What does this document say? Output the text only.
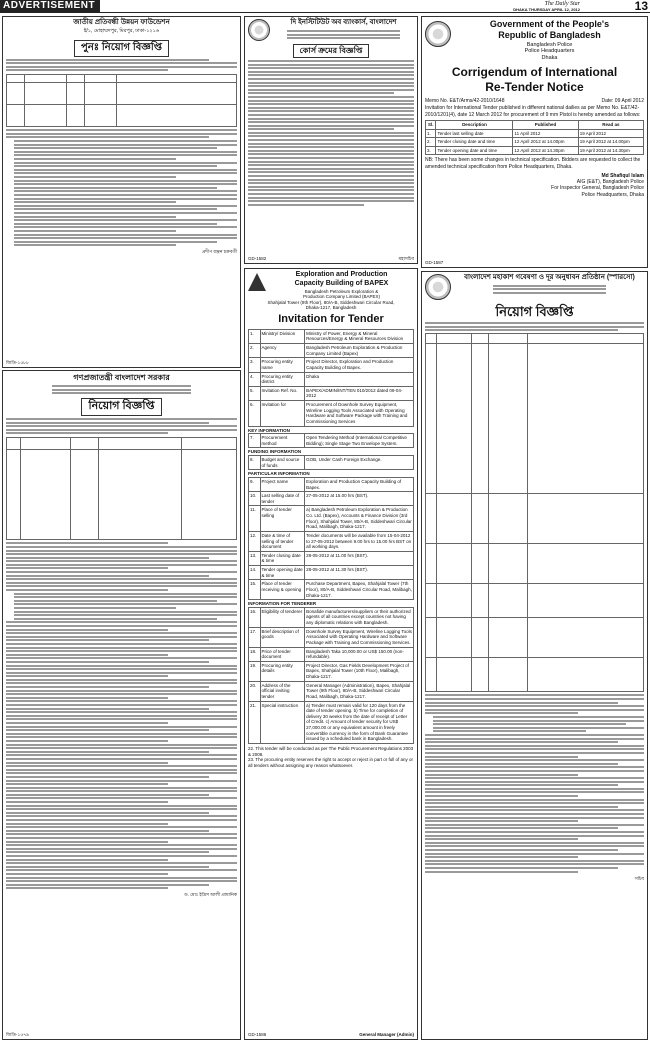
ADVERTISEMENT	The Daily Star
DHAKA THURSDAY APRIL 12, 2012	13
জাতীয় প্রতিবন্ধী উন্নয়ন ফাউন্ডেশন
ই/১, মোহাম্মদপুর, মিরপুর, ঢাকা-১২১৬
পুনঃ নিয়োগ বিজ্ঞপ্তি

প্রদীপ রঞ্জন চক্রবর্তী
জিডি-১৫৮৮
গণপ্রজাতন্ত্রী বাংলাদেশ সরকার
নিয়োগ বিজ্ঞপ্তি

ড. মোঃ ইদ্রিস আলী প্রামানিক
জিডি-১৫৭৯
দি ইনস্টিটিউট অব ব্যাংকার্স, বাংলাদেশ
কোর্স ক্রমের বিজ্ঞপ্তি
GD-1582	মহাসচিব
Exploration and Production
Capacity Building of BAPEX
Bangladesh Petroleum Exploration &
Production Company Limited (BAPEX)
Shahjalal Tower (9th Floor), 80/A-B, Siddeshwari Circular Road,
Dhaka-1217, Bangladesh
Invitation for Tender
1.	Ministry/ Division	Ministry of Power, Energy & Mineral Resources/Energy & Mineral Resources Division
2.	Agency	Bangladesh Petroleum Exploration & Production Company Limited (Bapex)
3.	Procuring entity name	Project Director, Exploration and Production Capacity Building of Bapex.
4.	Procuring entity district	Dhaka
5.	Invitation Ref. No.	BAPEX/ADMIN/INT/TEN 010/2012 dated 09-04-2012
6.	Invitation for	Procurement of Downhole Survey Equipment, Wireline Logging Tools Associated with Operating Hardware and Software Package with Training and Commissioning Services
KEY INFORMATION
7.	Procurement method	Open Tendering Method (International Competitive Bidding); Single Stage Two Envelope System.
FUNDING INFORMATION
8.	Budget and source of funds	GOB, Under Cash Foreign Exchange.
PARTICULAR INFORMATION
9.	Project name	Exploration and Production Capacity Building of Bapex.
10.	Last selling date of tender	27-05-2012 at 15.00 hrs (BST).
11.	Place of tender selling	a) Bangladesh Petroleum Exploration & Production Co. Ltd. (Bapex), Accounts & Finance Division (3rd Floor), Shahjalal Tower, 80/A-B, Siddeshwari Circular Road, Malibagh, Dhaka-1217.
12.	Date & time of selling of tender document	Tender documents will be available from 15-04-2012 to 27-05-2012 between 9.00 hrs to 15.00 hrs BST on all working days.
13.	Tender closing date & time	28-05-2012 at 11.00 hrs (BST).
14.	Tender opening date & time	28-05-2012 at 11.30 hrs (BST).
15.	Place of tender receiving & opening	Purchase Department, Bapex, Shahjalal Tower (7th Floor), 80/A-B, Siddeshwari Circular Road, Malibagh, Dhaka-1217.
INFORMATION FOR TENDERER
16.	Eligibility of tenderer	Bonafide manufacturers/suppliers or their authorized agents of all countries except countries not having any diplomatic relations with Bangladesh.
17.	Brief description of goods	Downhole Survey Equipment, Wireline Logging Tools Associated with Operating Hardware and Software Package with Training and Commissioning Services.
18.	Price of tender document	Bangladesh Taka 10,000.00 or US$ 150.00 (non-refundable).
19.	Procuring entity details	Project Director, Gas Fields Development Project of Bapex, Shahjalal Tower (10th Floor), Malibagh, Dhaka-1217.
20.	Address of the official inviting tender	General Manager (Administration), Bapex, Shahjalal Tower (9th Floor), 80/A-B, Siddeshwari Circular Road, Malibagh, Dhaka-1217.
21.	Special instruction	a) Tender must remain valid for 120 days from the date of tender opening. b) Time for completion of delivery 30 weeks from the date of receipt of Letter of Credit. c) Amount of tender security for US$ 27,000.00 or any equivalent amount in freely convertible currency in the form of Bank Guarantee issued by a scheduled bank in Bangladesh.
22. This tender will be conducted as per The Public Procurement Regulations 2003 & 2008.
23. The procuring entity reserves the right to accept or reject in part or full of any or all tenders without assigning any reason whatsoever.
GD-1586	General Manager (Admin)
Government of the People's
Republic of Bangladesh
Bangladesh Police
Police Headquarters
Dhaka
Corrigendum of International
Re-Tender Notice
Memo No. E&T/Arms/42-2010/1648	Date: 09 April 2012
Invitation for International Tender published in different national dailies as per Memo No. E&T/42-2010/1201(4), date 12 March 2012 for procurement of 9 mm Pistol is hereby amended as follows:
Sl.	Description	Published	Read as
1.	Tender last selling date	11 April 2012	19 April 2012
2.	Tender closing date and time	12 April 2012 at 14.00pm	19 April 2012 at 14.00pm
3.	Tender opening date and time	12 April 2012 at 14.30pm	19 April 2012 at 14.30pm
NB: There has been some changes in technical specification. Bidders are requested to collect the amended technical specification from Police Headquarters, Dhaka.
Md Shafiqul Islam
AIG (E&T), Bangladesh Police
For Inspector General, Bangladesh Police
Police Headquarters, Dhaka
GD-1587
বাংলাদেশ মহাকাশ গবেষণা ও দূর অনুধাবন প্রতিষ্ঠান (স্পারসো)
নিয়োগ বিজ্ঞপ্তি

সচিব
